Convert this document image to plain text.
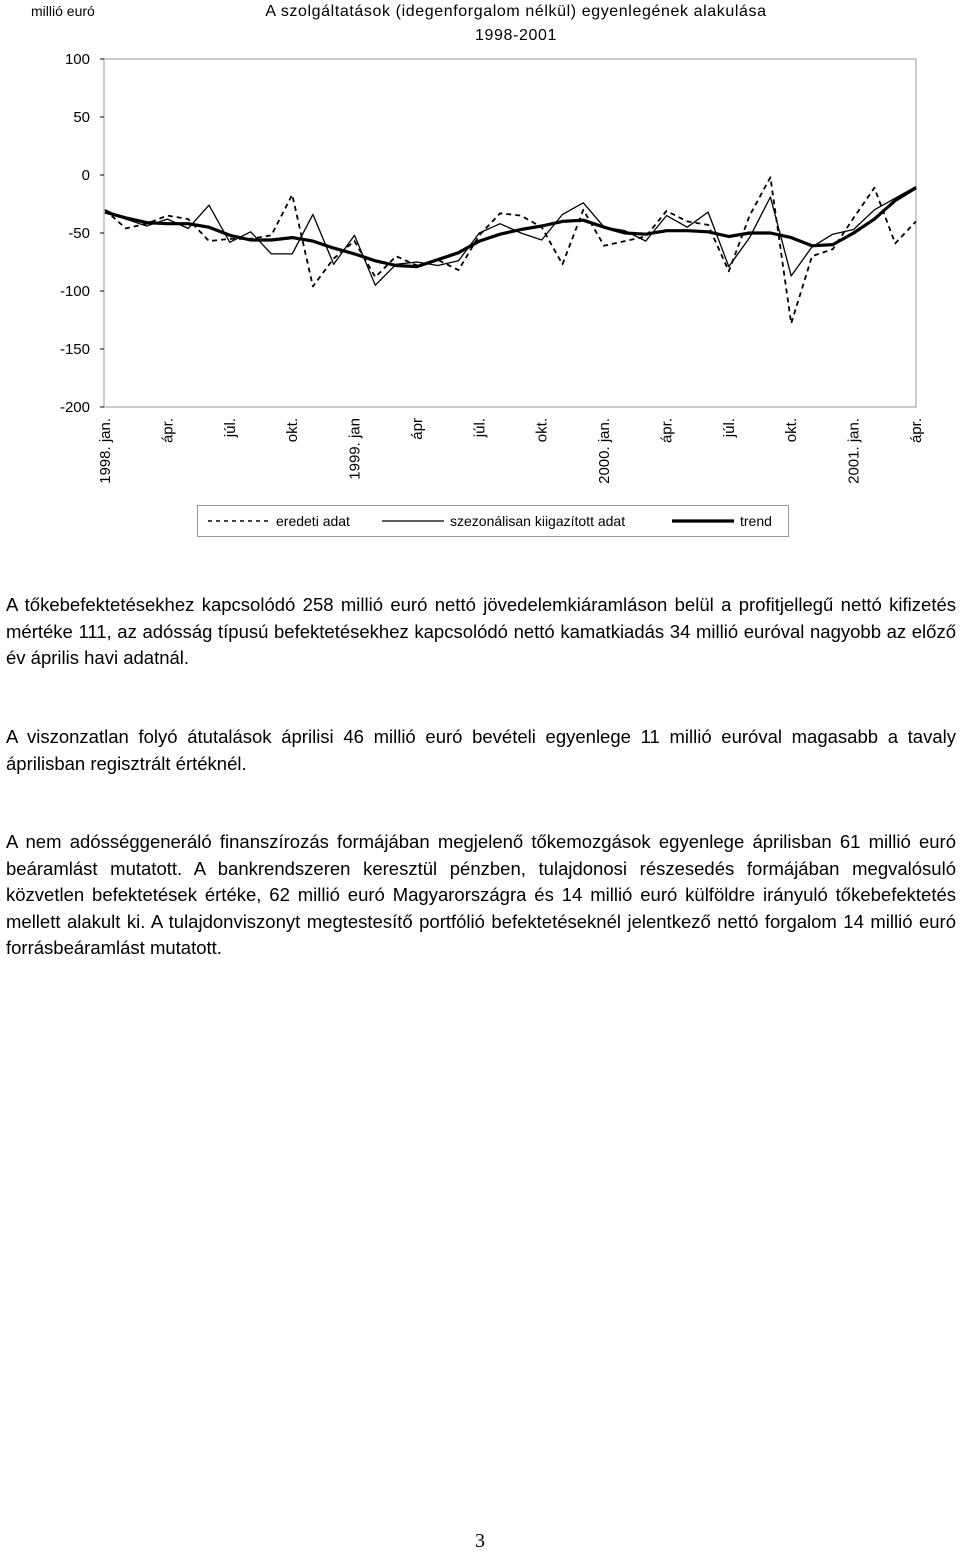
millió euró	A szolgáltatások (idegenforgalom nélkül) egyenlegének alakulása
1998-2001
100
50
0
-50
-100
-150
-200
1998. jan.	ápr.	júl.	okt.	1999. jan	ápr	júl.	okt.	2000. jan.	ápr.	júl.	okt.	2001. jan.	ápr.
eredeti adat	szezonálisan kiigazított adat	trend

A tőkebefektetésekhez kapcsolódó 258 millió euró nettó jövedelemkiáramláson belül a profitjellegű nettó kifizetés mértéke 111, az adósság típusú befektetésekhez kapcsolódó nettó kamatkiadás 34 millió euróval nagyobb az előző év április havi adatnál.

A viszonzatlan folyó átutalások áprilisi 46 millió euró bevételi egyenlege 11 millió euróval magasabb a tavaly áprilisban regisztrált értéknél.

A nem adósséggeneráló finanszírozás formájában megjelenő tőkemozgások egyenlege áprilisban 61 millió euró beáramlást mutatott. A bankrendszeren keresztül pénzben, tulajdonosi részesedés formájában megvalósuló közvetlen befektetések értéke, 62 millió euró Magyarországra és 14 millió euró külföldre irányuló tőkebefektetés mellett alakult ki. A tulajdonviszonyt megtestesítő portfólió befektetéseknél jelentkező nettó forgalom 14 millió euró forrásbeáramlást mutatott.

3
